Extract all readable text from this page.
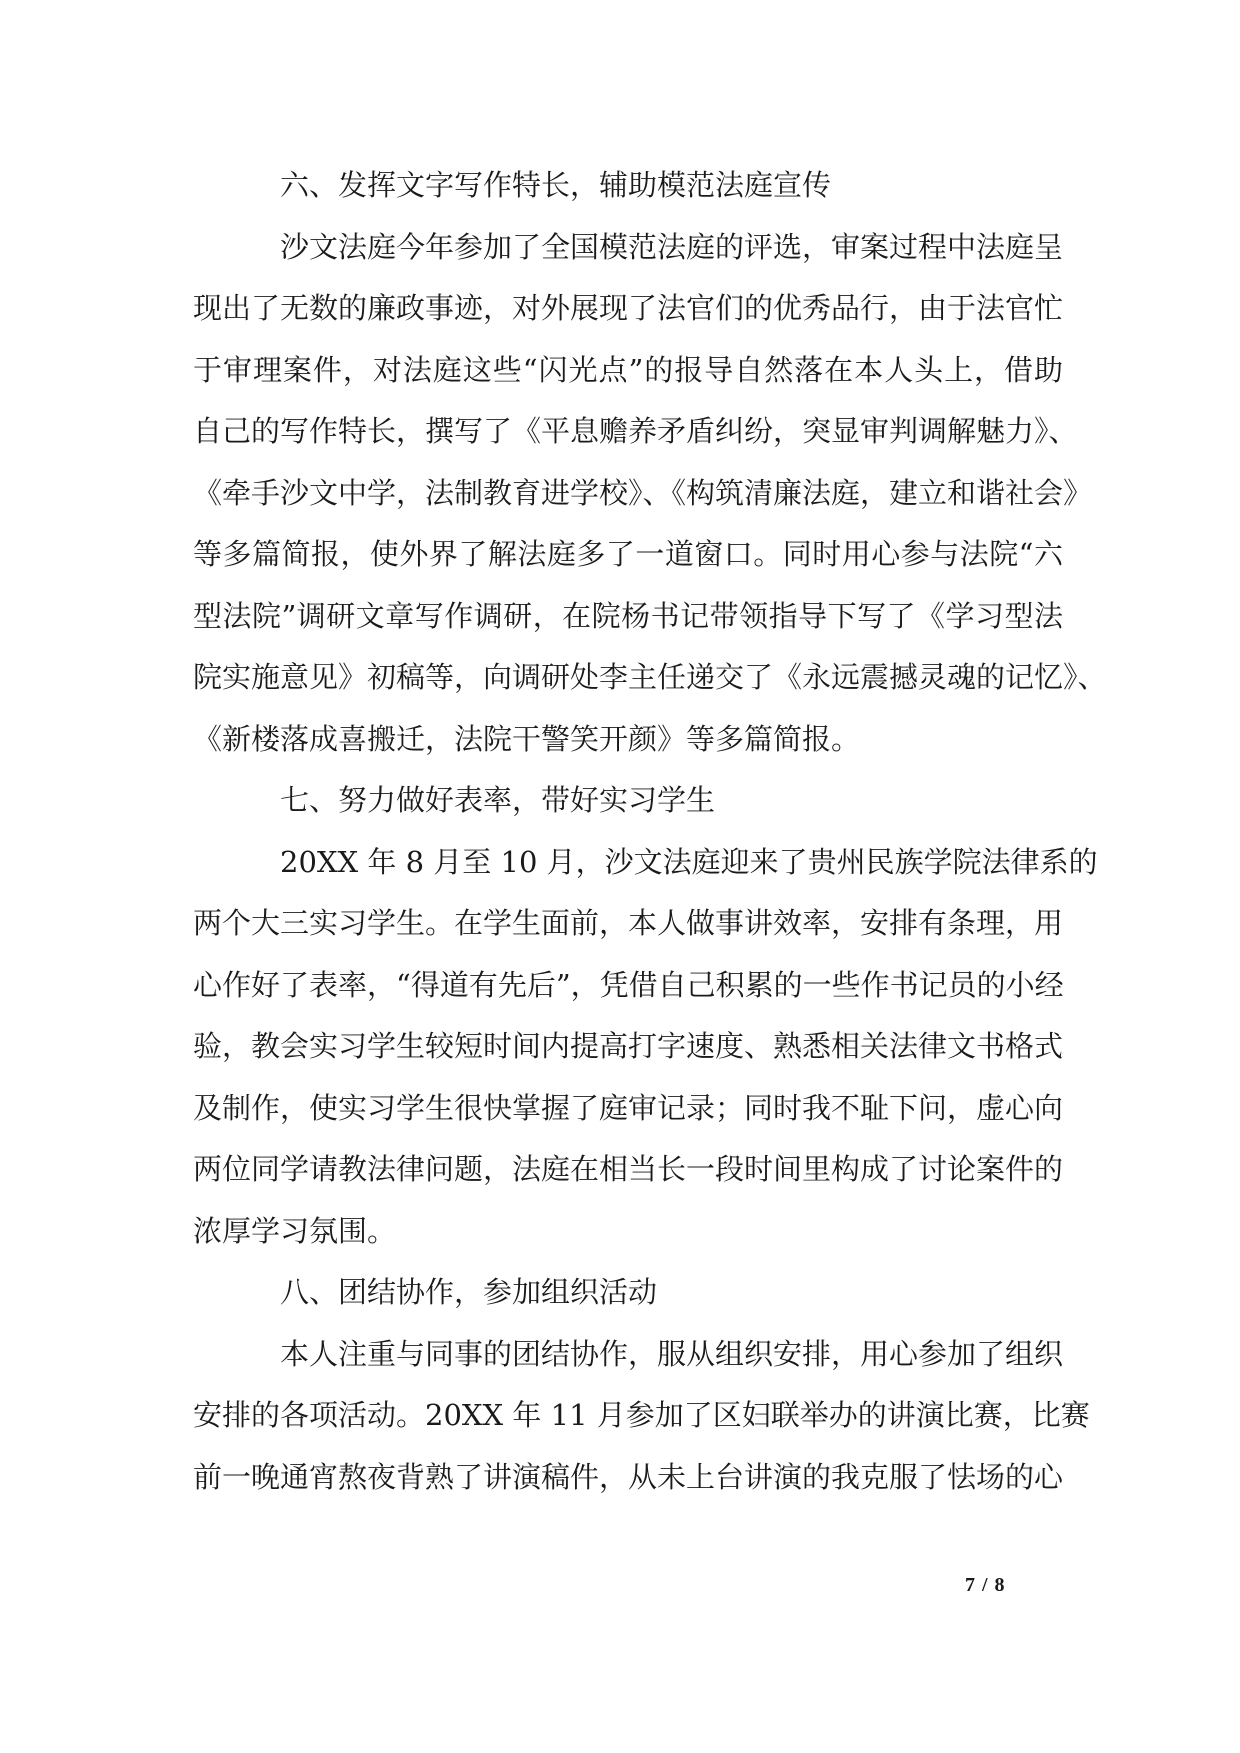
六、发挥文字写作特长，辅助模范法庭宣传
沙文法庭今年参加了全国模范法庭的评选，审案过程中法庭呈
现出了无数的廉政事迹，对外展现了法官们的优秀品行，由于法官忙
于审理案件，对法庭这些“闪光点”的报导自然落在本人头上，借助
自己的写作特长，撰写了《平息赡养矛盾纠纷，突显审判调解魅力》、
《牵手沙文中学，法制教育进学校》、《构筑清廉法庭，建立和谐社会》
等多篇简报，使外界了解法庭多了一道窗口。同时用心参与法院“六
型法院”调研文章写作调研，在院杨书记带领指导下写了《学习型法
院实施意见》初稿等，向调研处李主任递交了《永远震撼灵魂的记忆》、
《新楼落成喜搬迁，法院干警笑开颜》等多篇简报。
七、努力做好表率，带好实习学生
20XX 年 8 月至 10 月，沙文法庭迎来了贵州民族学院法律系的
两个大三实习学生。在学生面前，本人做事讲效率，安排有条理，用
心作好了表率，“得道有先后”，凭借自己积累的一些作书记员的小经
验，教会实习学生较短时间内提高打字速度、熟悉相关法律文书格式
及制作，使实习学生很快掌握了庭审记录；同时我不耻下问，虚心向
两位同学请教法律问题，法庭在相当长一段时间里构成了讨论案件的
浓厚学习氛围。
八、团结协作，参加组织活动
本人注重与同事的团结协作，服从组织安排，用心参加了组织
安排的各项活动。20XX 年 11 月参加了区妇联举办的讲演比赛，比赛
前一晚通宵熬夜背熟了讲演稿件，从未上台讲演的我克服了怯场的心
7 / 8
